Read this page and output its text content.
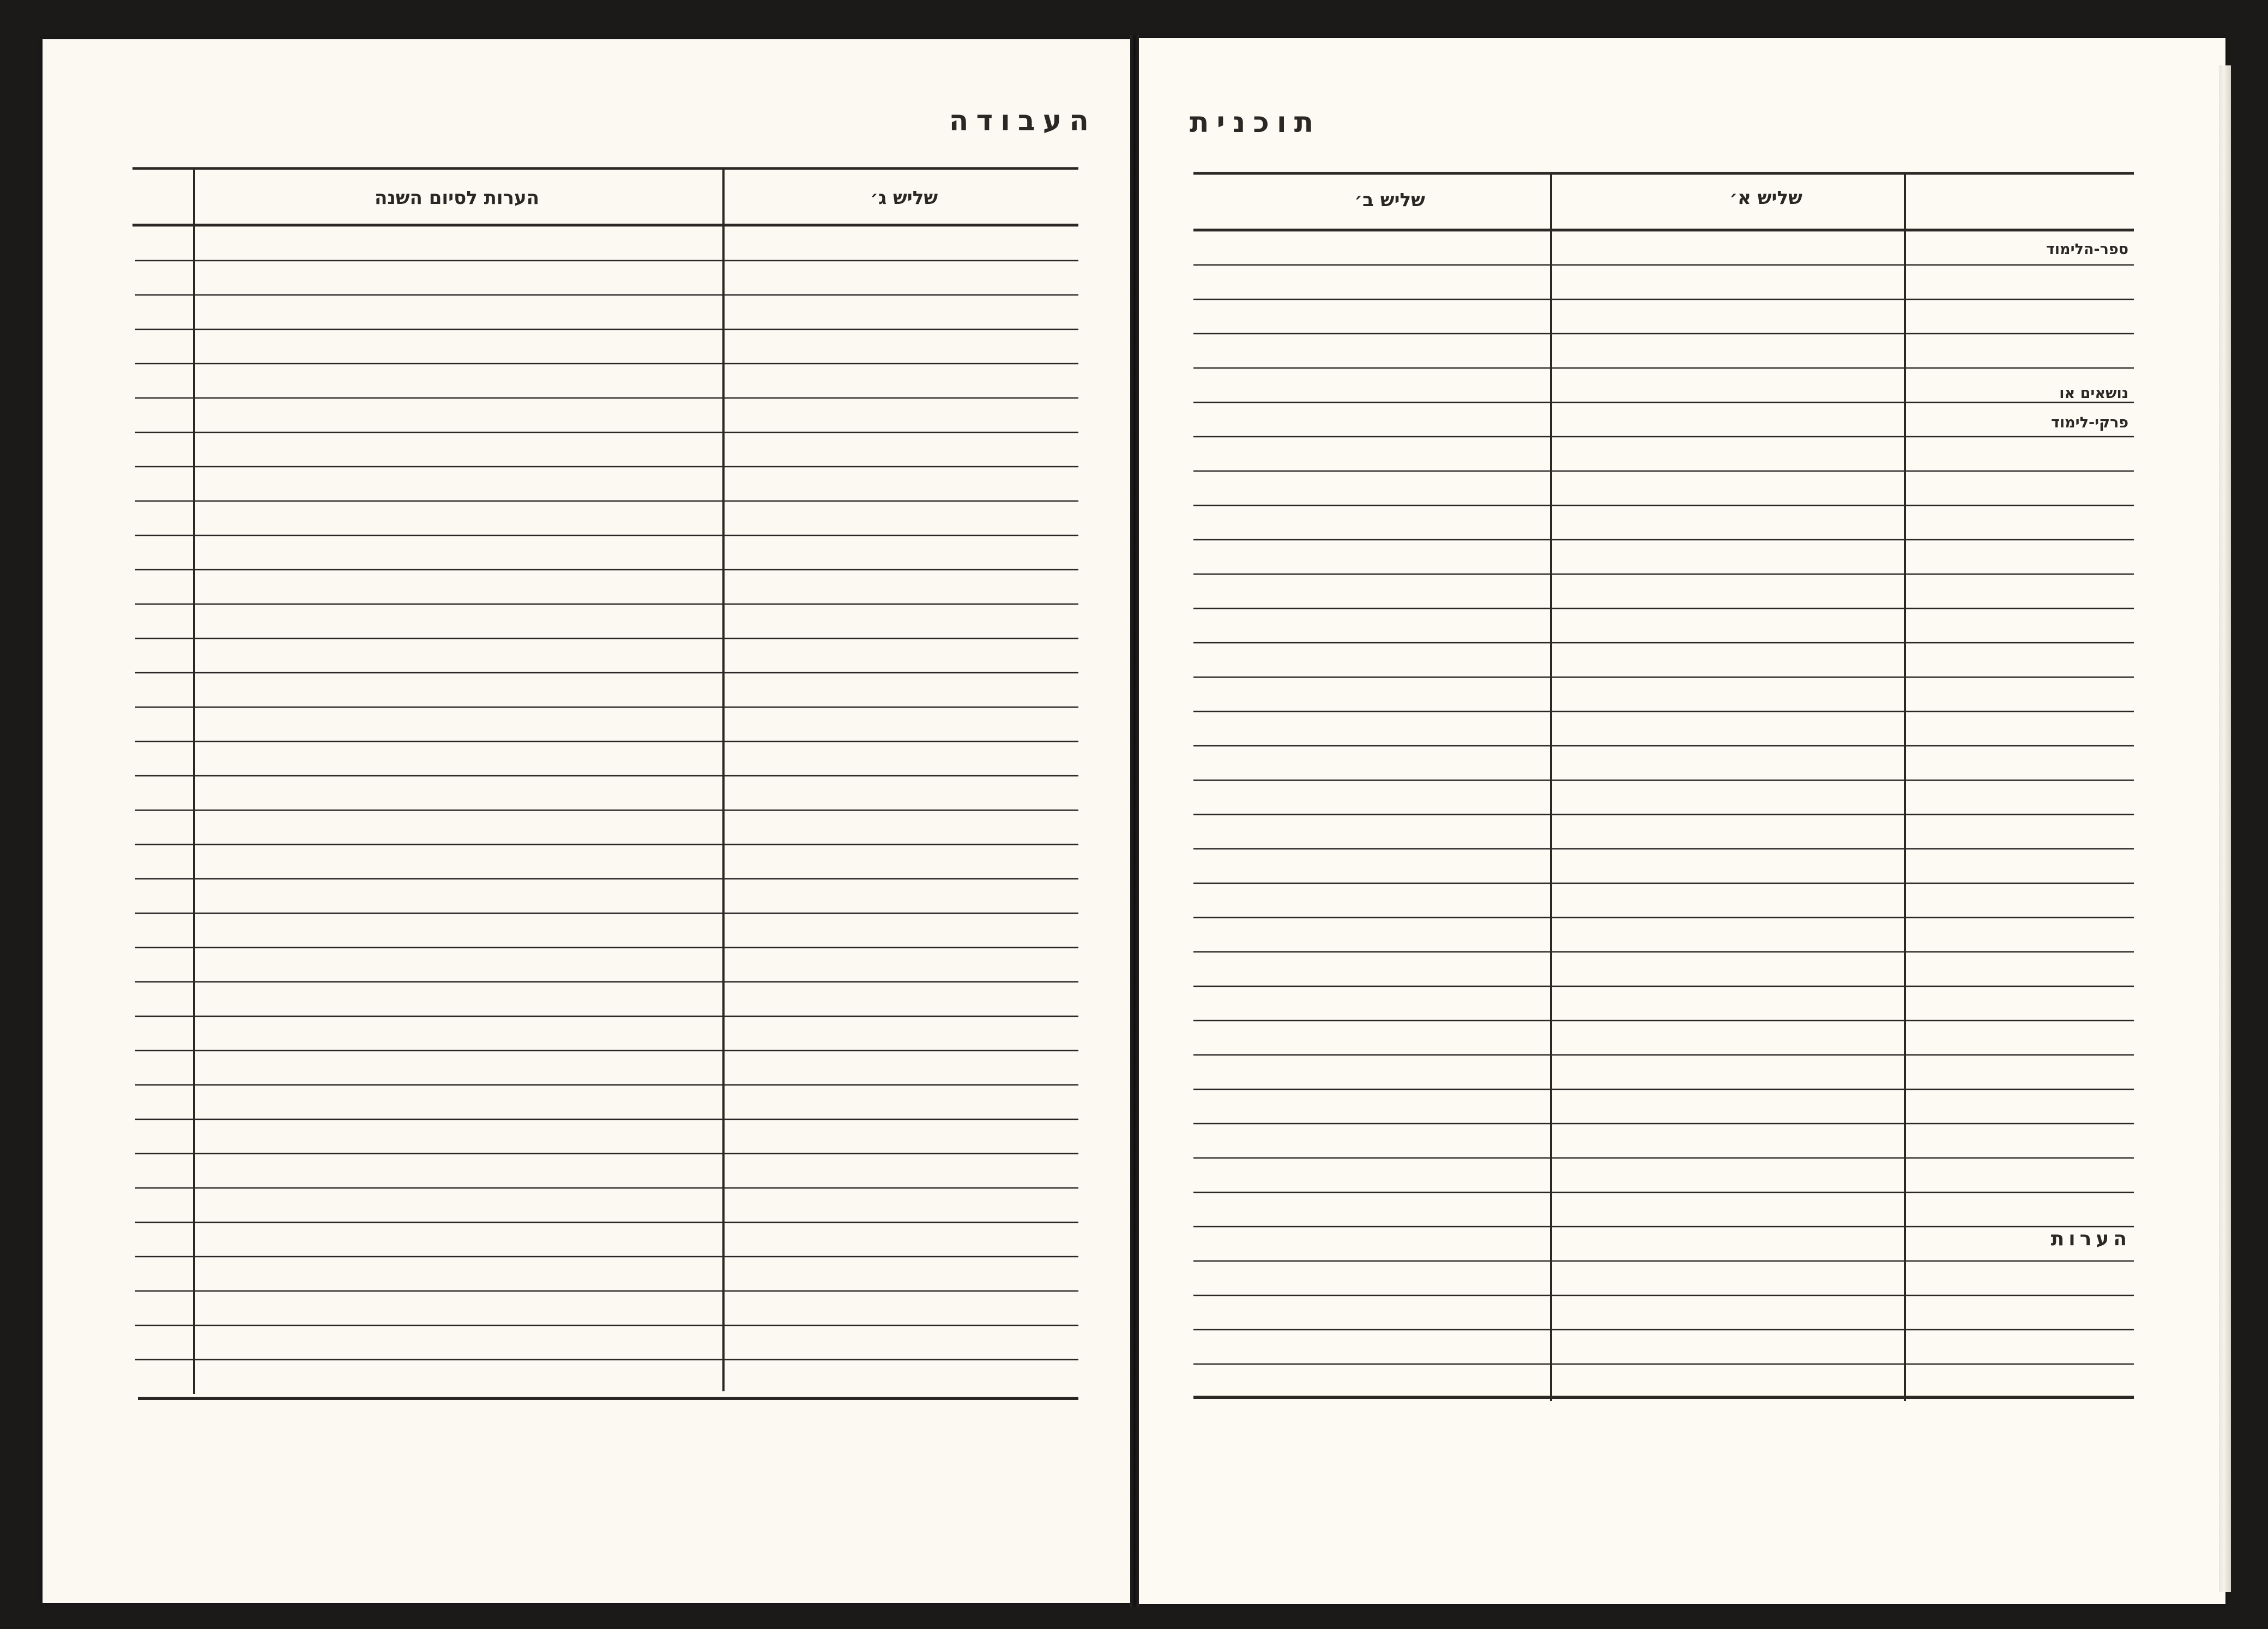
העבודה
הערות לסיום השנה	שליש ג׳
תוכנית
שליש ב׳	שליש א׳
ספר-הלימוד
נושאים או
פרקי-לימוד
הערות
